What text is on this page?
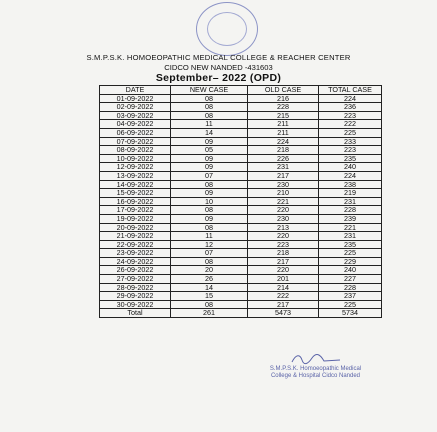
S.M.P.S.K. HOMOEOPATHIC MEDICAL COLLEGE & REACHER CENTER
CIDCO NEW NANDED -431603
September– 2022 (OPD)
DATE	NEW CASE	OLD CASE	TOTAL CASE
01-09-2022	08	216	224
02-09-2022	08	228	236
03-09-2022	08	215	223
04-09-2022	11	211	222
06-09-2022	14	211	225
07-09-2022	09	224	233
08-09-2022	05	218	223
10-09-2022	09	226	235
12-09-2022	09	231	240
13-09-2022	07	217	224
14-09-2022	08	230	238
15-09-2022	09	210	219
16-09-2022	10	221	231
17-09-2022	08	220	228
19-09-2022	09	230	239
20-09-2022	08	213	221
21-09-2022	11	220	231
22-09-2022	12	223	235
23-09-2022	07	218	225
24-09-2022	08	217	229
26-09-2022	20	220	240
27-09-2022	26	201	227
28-09-2022	14	214	228
29-09-2022	15	222	237
30-09-2022	08	217	225
Total	261	5473	5734
S.M.P.S.K. Homoeopathic Medical
College & Hospital Cidco Nanded
